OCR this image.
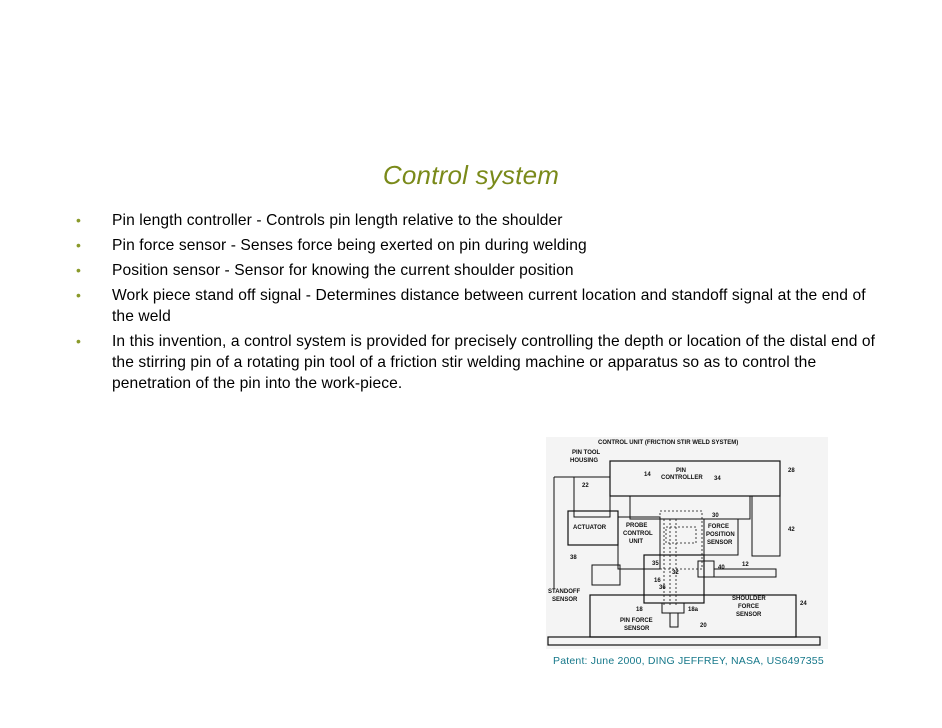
Control system
• Pin length controller - Controls pin length relative to the shoulder
• Pin force sensor - Senses force being exerted on pin during welding
• Position sensor - Sensor for knowing the current shoulder position
• Work piece stand off signal - Determines distance between current location and standoff signal at the end of the weld
• In this invention, a control system is provided for precisely controlling the depth or location of the distal end of the stirring pin of a rotating pin tool of a friction stir welding machine or apparatus so as to control the penetration of the pin into the work-piece.
CONTROL UNIT (FRICTION STIR WELD SYSTEM)
PIN TOOL
HOUSING
PIN
CONTROLLER
14
34
28
22
ACTUATOR	PROBE
CONTROL
UNIT
30
FORCE
POSITION
SENSOR
42
12
38
STANDOFF
SENSOR
35
32
40
16
36
24
18	18a
20
PIN FORCE
SENSOR
SHOULDER
FORCE
SENSOR
Patent: June 2000, DING JEFFREY, NASA, US6497355
